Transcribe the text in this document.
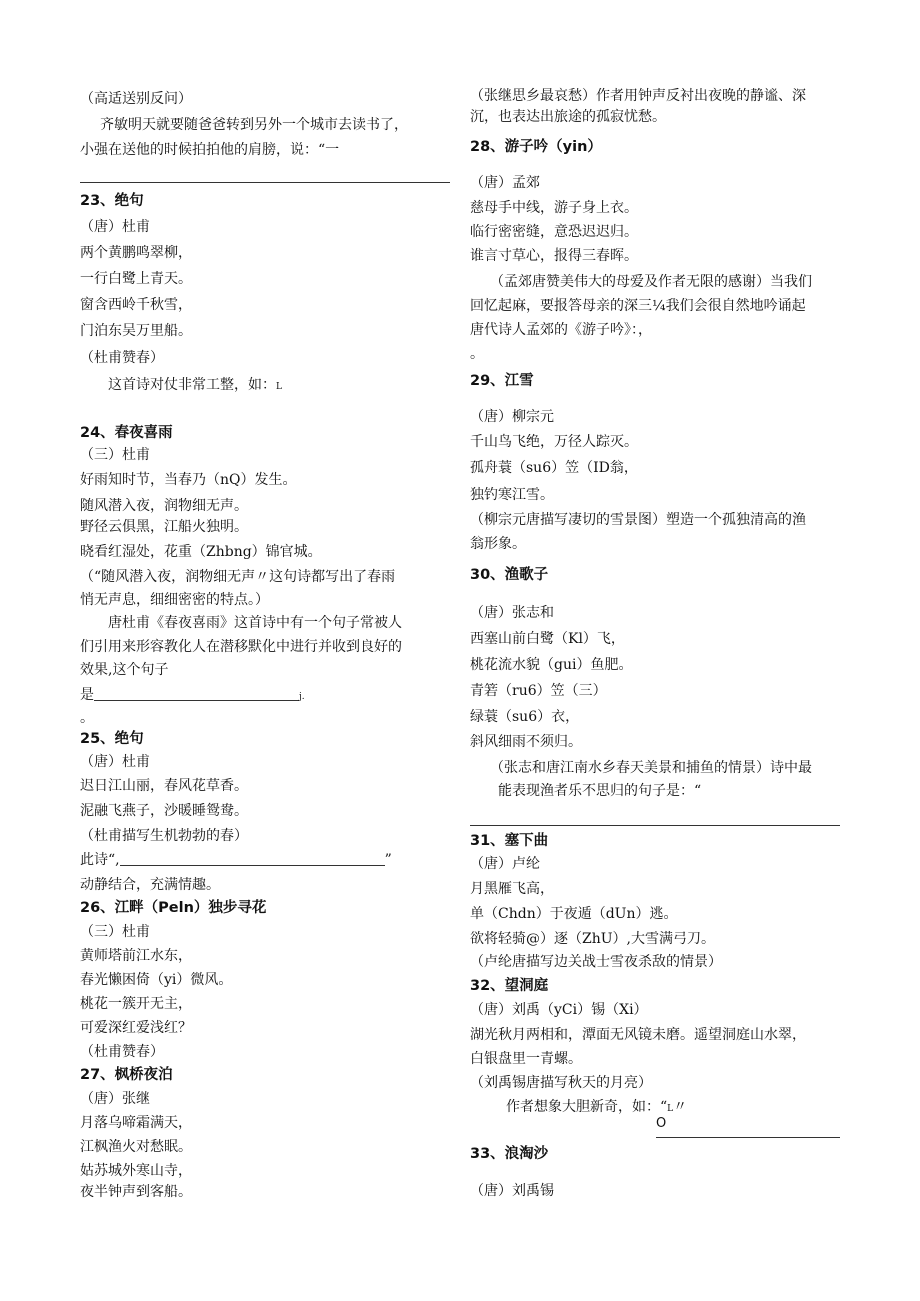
（高适送别反问）
齐敏明天就要随爸爸转到另外一个城市去读书了，
小强在送他的时候拍拍他的肩膀，说：“一
23、绝句
（唐）杜甫
两个黄鹏鸣翠柳，
一行白鹭上青天。
窗含西岭千秋雪，
门泊东吴万里船。
（杜甫赞春）
这首诗对仗非常工整，如：L
24、春夜喜雨
（三）杜甫
好雨知时节，当春乃（nQ）发生。
随风潜入夜，润物细无声。
野径云俱黑，江船火独明。
晓看红湿处，花重（Zhbng）锦官城。
（“随风潜入夜，润物细无声〃这句诗都写出了春雨
悄无声息，细细密密的特点。）
唐杜甫《春夜喜雨》这首诗中有一个句子常被人
们引用来形容教化人在潜移默化中进行并收到良好的
效果,这个句子
是	j.
。
25、绝句
（唐）杜甫
迟日江山丽，春风花草香。
泥融飞燕子，沙暖睡鸳鸯。
（杜甫描写生机勃勃的春）
此诗“,	”
动静结合，充满情趣。
26、江畔（Peln）独步寻花
（三）杜甫
黄师塔前江水东，
春光懒困倚（yi）微风。
桃花一簇开无主，
可爱深红爱浅红？
（杜甫赞春）
27、枫桥夜泊
（唐）张继
月落乌啼霜满天，
江枫渔火对愁眠。
姑苏城外寒山寺，
夜半钟声到客船。
（张继思乡最哀愁）作者用钟声反衬出夜晚的静谧、深
沉，也表达出旅途的孤寂忧愁。
28、游子吟（yin）
（唐）孟郊
慈母手中线，游子身上衣。
临行密密缝，意恐迟迟归。
谁言寸草心，报得三春晖。
（孟郊唐赞美伟大的母爱及作者无限的感谢）当我们
回忆起麻，要报答母亲的深三¼我们会很自然地吟诵起
唐代诗人孟郊的《游子吟》：，
。
29、江雪
（唐）柳宗元
千山鸟飞绝，万径人踪灭。
孤舟蓑（su6）笠（ID翁，
独钓寒江雪。
（柳宗元唐描写凄切的雪景图）塑造一个孤独清高的渔
翁形象。
30、渔歌子
（唐）张志和
西塞山前白鹭（Kl）飞，
桃花流水貌（gui）鱼肥。
青箬（ru6）笠（三）
绿蓑（su6）衣，
斜风细雨不须归。
（张志和唐江南水乡春天美景和捕鱼的情景）诗中最
能表现渔者乐不思归的句子是：“
31、塞下曲
（唐）卢纶
月黑雁飞高，
单（Chdn）于夜遁（dUn）逃。
欲将轻骑@）逐（ZhU）,大雪满弓刀。
（卢纶唐描写边关战士雪夜杀敌的情景）
32、望洞庭
（唐）刘禹（yCi）锡（Xi）
湖光秋月两相和，潭面无风镜未磨。遥望洞庭山水翠，
白银盘里一青螺。
（刘禹锡唐描写秋天的月亮）
作者想象大胆新奇，如：“L〃
O
33、浪淘沙
（唐）刘禹锡
